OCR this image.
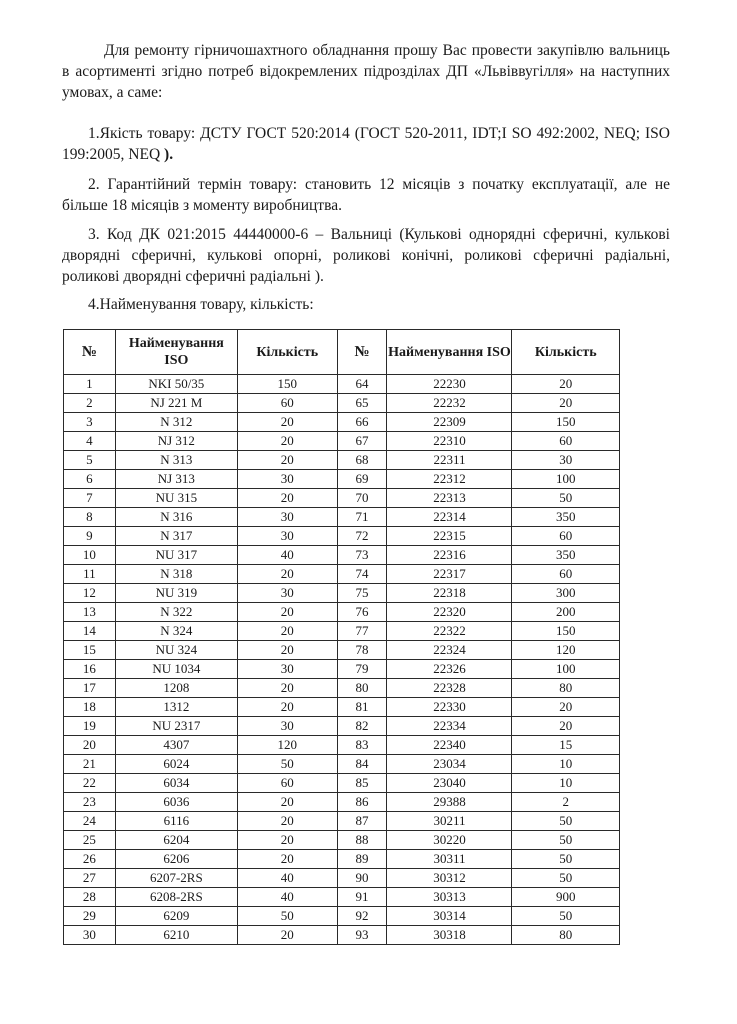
Для ремонту гірничошахтного обладнання прошу Вас провести закупівлю вальниць в асортименті згідно потреб відокремлених підрозділах ДП «Львіввугілля» на наступних умовах, а саме:

1.Якість товару: ДСТУ ГОСТ 520:2014 (ГОСТ 520-2011, IDT;I SO 492:2002, NEQ; ISO 199:2005, NEQ ).

2. Гарантійний термін товару: становить 12 місяців з початку експлуатації, але не більше 18 місяців з моменту виробництва.

3. Код ДК 021:2015 44440000-6 – Вальниці (Кулькові однорядні сферичні, кулькові дворядні сферичні, кулькові опорні, роликові конічні, роликові сферичні радіальні, роликові дворядні сферичні радіальні ).

4.Найменування товару, кількість:

№	Найменування ISO	Кількість	№	Найменування ISO	Кількість
1	NKI 50/35	150	64	22230	20
2	NJ 221 M	60	65	22232	20
3	N 312	20	66	22309	150
4	NJ 312	20	67	22310	60
5	N 313	20	68	22311	30
6	NJ 313	30	69	22312	100
7	NU 315	20	70	22313	50
8	N 316	30	71	22314	350
9	N 317	30	72	22315	60
10	NU 317	40	73	22316	350
11	N 318	20	74	22317	60
12	NU 319	30	75	22318	300
13	N 322	20	76	22320	200
14	N 324	20	77	22322	150
15	NU 324	20	78	22324	120
16	NU 1034	30	79	22326	100
17	1208	20	80	22328	80
18	1312	20	81	22330	20
19	NU 2317	30	82	22334	20
20	4307	120	83	22340	15
21	6024	50	84	23034	10
22	6034	60	85	23040	10
23	6036	20	86	29388	2
24	6116	20	87	30211	50
25	6204	20	88	30220	50
26	6206	20	89	30311	50
27	6207-2RS	40	90	30312	50
28	6208-2RS	40	91	30313	900
29	6209	50	92	30314	50
30	6210	20	93	30318	80
